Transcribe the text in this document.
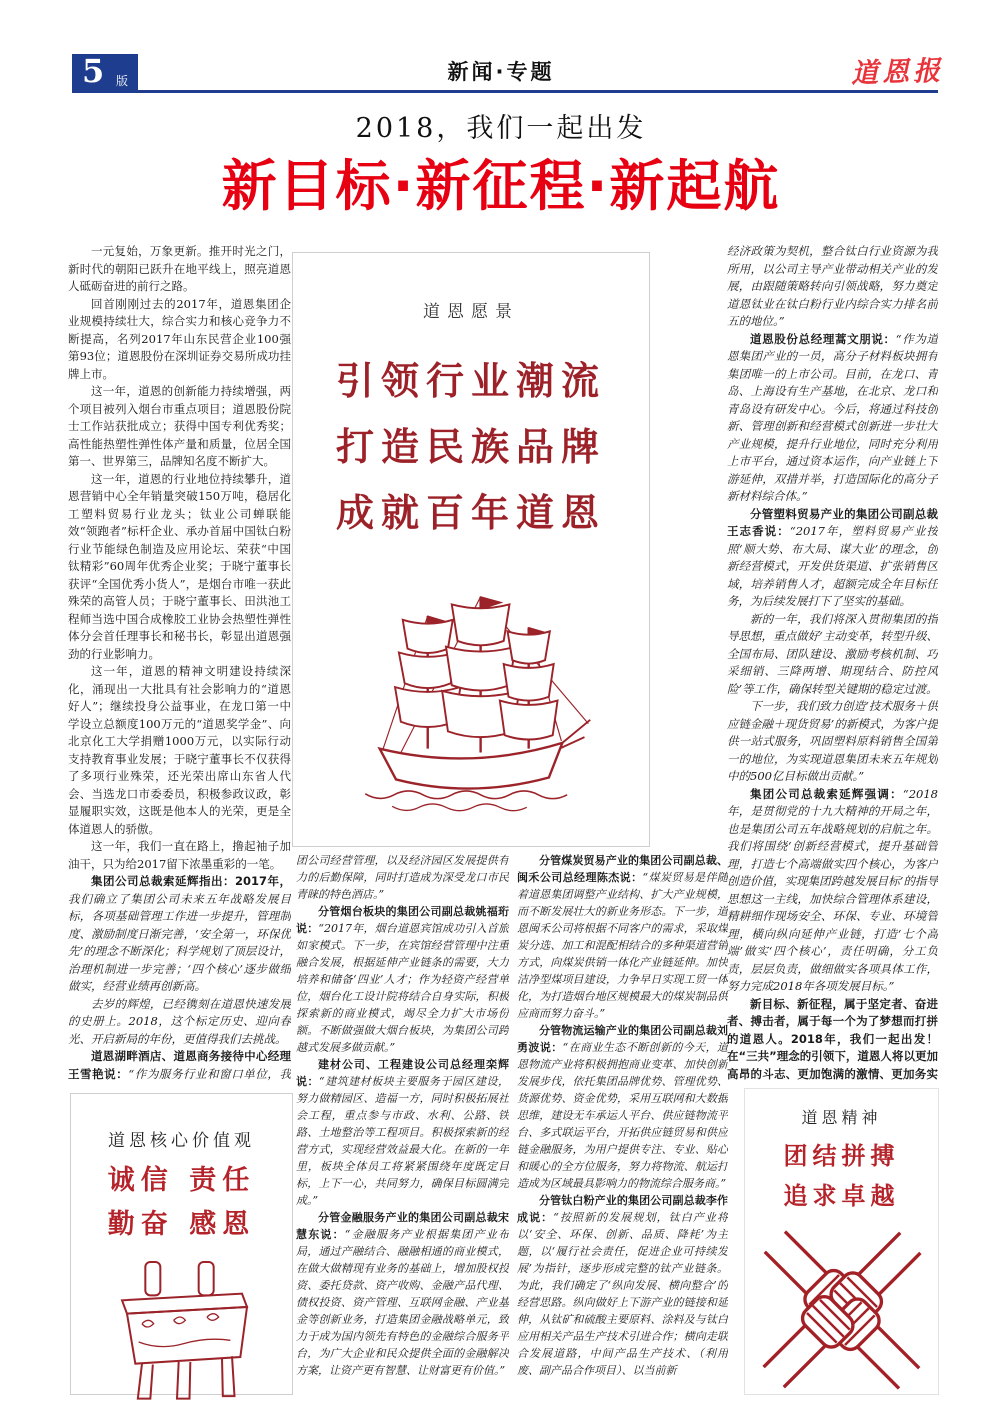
5 版	新闻·专题	道恩报
2018，我们一起出发
新目标·新征程·新起航

一元复始，万象更新。推开时光之门，新时代的朝阳已跃升在地平线上，照亮道恩人砥砺奋进的前行之路。

回首刚刚过去的2017年，道恩集团企业规模持续壮大，综合实力和核心竞争力不断提高，名列2017年山东民营企业100强第93位；道恩股份在深圳证券交易所成功挂牌上市。

这一年，道恩的创新能力持续增强，两个项目被列入烟台市重点项目；道恩股份院士工作站获批成立；获得中国专利优秀奖；高性能热塑性弹性体产量和质量，位居全国第一、世界第三，品牌知名度不断扩大。

这一年，道恩的行业地位持续攀升，道恩营销中心全年销量突破150万吨，稳居化工塑料贸易行业龙头；钛业公司蝉联能效“领跑者”标杆企业、承办首届中国钛白粉行业节能绿色制造及应用论坛、荣获“中国钛精彩”60周年优秀企业奖；于晓宁董事长获评“全国优秀小货人”，是烟台市唯一获此殊荣的高管人员；于晓宁董事长、田洪池工程师当选中国合成橡胶工业协会热塑性弹性体分会首任理事长和秘书长，彰显出道恩强劲的行业影响力。

这一年，道恩的精神文明建设持续深化，涌现出一大批具有社会影响力的“道恩好人”；继续投身公益事业，在龙口第一中学设立总额度100万元的“道恩奖学金”、向北京化工大学捐赠1000万元，以实际行动支持教育事业发展；于晓宁董事长不仅获得了多项行业殊荣，还光荣出席山东省人代会、当选龙口市委委员，积极参政议政，彰显履职实效，这既是他本人的光荣，更是全体道恩人的骄傲。

这一年，我们一直在路上，撸起袖子加油干，只为给2017留下浓墨重彩的一笔。

集团公司总裁索延辉指出：2017年，我们确立了集团公司未来五年战略发展目标，各项基础管理工作进一步提升，管理制度、激励制度日渐完善，‘安全第一，环保优先’的理念不断深化；科学规划了顶层设计，治理机制进一步完善；‘四个核心’逐步做细做实，经营业绩再创新高。

去岁的辉煌，已经镌刻在道恩快速发展的史册上。2018，这个标定历史、迎向春光、开启新局的年份，更值得我们去挑战。

道恩湖畔酒店、道恩商务接待中心经理王雪艳说：“作为服务行业和窗口单位，我

团公司经营管理，以及经济园区发展提供有力的后勤保障，同时打造成为深受龙口市民青睐的特色酒店。”

分管烟台板块的集团公司副总裁姚福珩说：“2017年，烟台道恩宾馆成功引入首旅如家模式。下一步，在宾馆经营管理中注重融合发展，根据延伸产业链条的需要，大力培养和储备‘四业’人才；作为轻资产经营单位，烟台化工设计院将结合自身实际，积极探索新的商业模式，竭尽全力扩大市场份额。不断做强做大烟台板块，为集团公司跨越式发展多做贡献。”

建材公司、工程建设公司总经理栾辉说：“建筑建材板块主要服务于园区建设，努力做精园区、造福一方，同时积极拓展社会工程，重点参与市政、水利、公路、铁路、土地整治等工程项目。积极探索新的经营方式，实现经营效益最大化。在新的一年里，板块全体员工将紧紧围绕年度既定目标，上下一心，共同努力，确保目标圆满完成。”

分管金融服务产业的集团公司副总裁宋慧东说：“金融服务产业根据集团产业布局，通过产融结合、融融相通的商业模式，在做大做精现有业务的基础上，增加股权投资、委托贷款、资产收购、金融产品代理、债权投资、资产管理、互联网金融、产业基金等创新业务，打造集团金融战略单元，致力于成为国内领先有特色的金融综合服务平台，为广大企业和民众提供全面的金融解决方案，让资产更有智慧、让财富更有价值。”

分管煤炭贸易产业的集团公司副总裁、闽禾公司总经理陈杰说：“煤炭贸易是伴随着道恩集团调整产业结构、扩大产业规模，而不断发展壮大的新业务形态。下一步，道恩闽禾公司将根据不同客户的需求，采取煤炭分选、加工和混配相结合的多种渠道营销方式，向煤炭供销一体化产业链延伸。加快洁净型煤项目建设，力争早日实现工贸一体化，为打造烟台地区规模最大的煤炭制品供应商而努力奋斗。”

分管物流运输产业的集团公司副总裁刘勇波说：“在商业生态不断创新的今天，道恩物流产业将积极拥抱商业变革、加快创新发展步伐，依托集团品牌优势、管理优势、货源优势、资金优势，采用互联网和大数据思维，建设无车承运人平台、供应链物流平台、多式联运平台，开拓供应链贸易和供应链金融服务，为用户提供专注、专业、贴心和暖心的全方位服务，努力将物流、航运打造成为区域最具影响力的物流综合服务商。”

分管钛白粉产业的集团公司副总裁李作成说：“按照新的发展规划，钛白产业将以‘安全、环保、创新、品质、降耗’为主题，以‘履行社会责任，促进企业可持续发展’为指针，逐步形成完整的钛产业链条。为此，我们确定了‘纵向发展、横向整合’的经营思路。纵向做好上下游产业的链接和延伸，从钛矿和硫酸主要原料、涂料及与钛白应用相关产品生产技术引进合作；横向走联合发展道路，中间产品生产技术、（利用废、副产品合作项目）、以当前新

经济政策为契机，整合钛白行业资源为我所用，以公司主导产业带动相关产业的发展，由跟随策略转向引领战略，努力奠定道恩钛业在钛白粉行业内综合实力排名前五的地位。”

道恩股份总经理蒿文朋说：“作为道恩集团产业的一员，高分子材料板块拥有集团唯一的上市公司。目前，在龙口、青岛、上海设有生产基地，在北京、龙口和青岛设有研发中心。今后，将通过科技创新、管理创新和经营模式创新进一步壮大产业规模，提升行业地位，同时充分利用上市平台，通过资本运作，向产业链上下游延伸，双措并举，打造国际化的高分子新材料综合体。”

分管塑料贸易产业的集团公司副总裁王志香说：“2017年，塑料贸易产业按照‘顺大势、布大局、谋大业’的理念，创新经营模式，开发供货渠道、扩张销售区域，培养销售人才，超额完成全年目标任务，为后续发展打下了坚实的基础。

新的一年，我们将深入贯彻集团的指导思想，重点做好‘主动变革，转型升级、全国布局、团队建设、激励考核机制、巧采细销、三降两增、期现结合、防控风险’等工作，确保转型关键期的稳定过渡。

下一步，我们致力创造‘技术服务＋供应链金融＋现货贸易’的新模式，为客户提供一站式服务，巩固塑料原料销售全国第一的地位，为实现道恩集团未来五年规划中的500亿目标做出贡献。”

集团公司总裁索延辉强调：“2018年，是贯彻党的十九大精神的开局之年，也是集团公司五年战略规划的启航之年。我们将围绕‘创新经营模式，提升基础管理，打造七个高端做实四个核心，为客户创造价值，实现集团跨越发展目标’的指导思想这一主线，加快综合管理体系建设，精耕细作现场安全、环保、专业、环境管理，横向纵向延伸产业链，打造‘七个高端’做实‘四个核心’，责任明确，分工负责，层层负责，做细做实各项具体工作，努力完成2018年各项发展目标。”

新目标、新征程，属于坚定者、奋进者、搏击者，属于每一个为了梦想而打拼的道恩人。2018年，我们一起出发！在“三共”理念的引领下，道恩人将以更加高昂的斗志、更加饱满的激情、更加务实

道恩愿景
引领行业潮流
打造民族品牌
成就百年道恩
道恩核心价值观
诚信 责任
勤奋 感恩
道恩精神
团结拼搏
追求卓越
